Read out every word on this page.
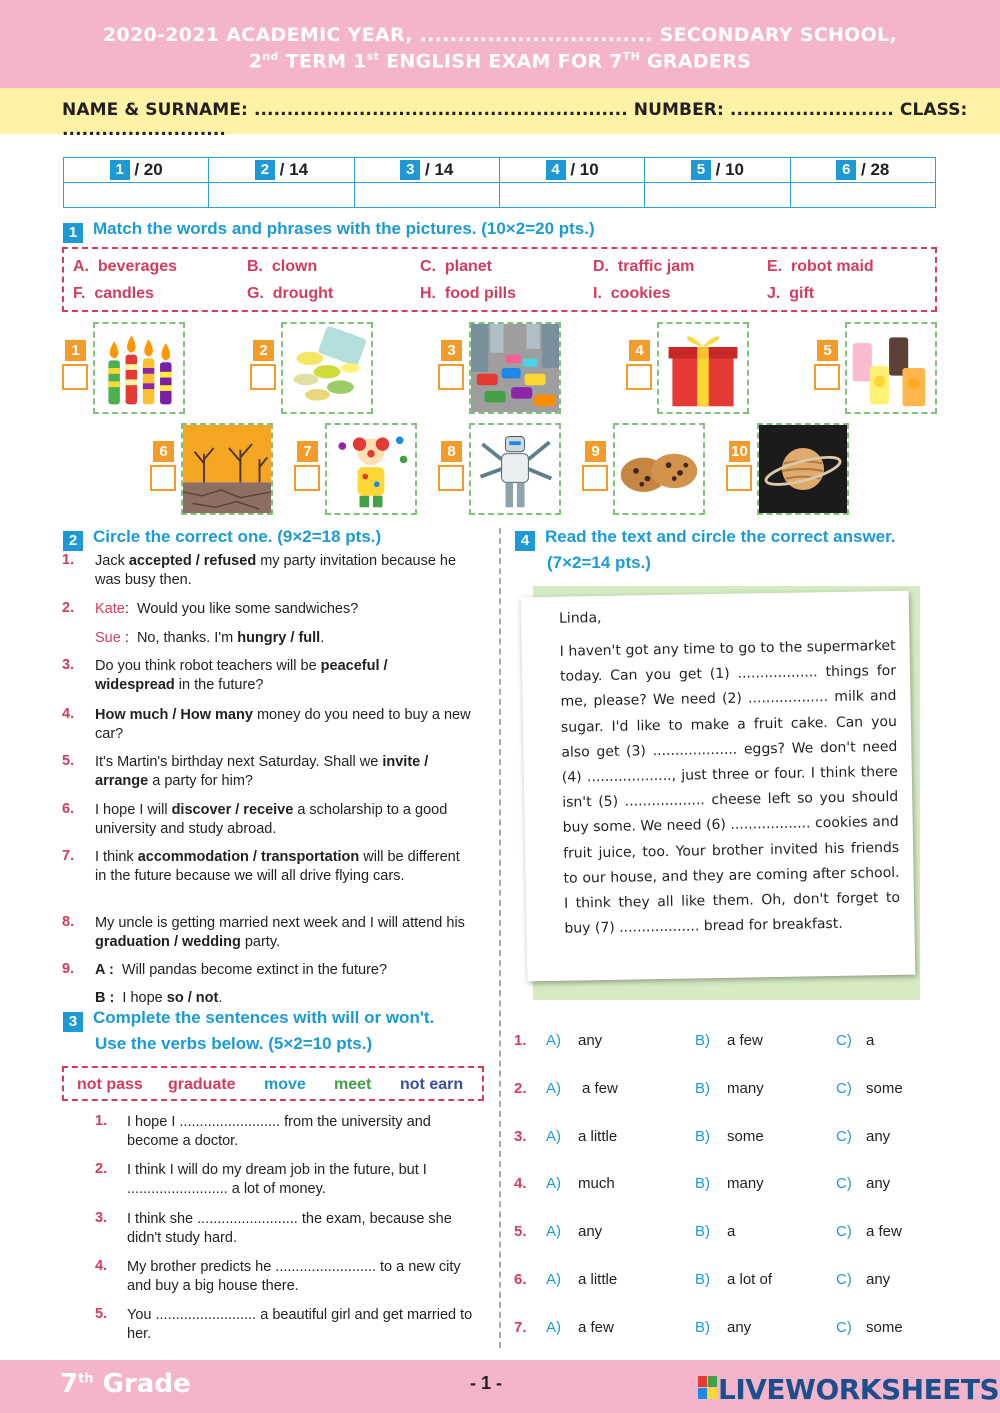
2020-2021 ACADEMIC YEAR, ............................... SECONDARY SCHOOL,
2nd TERM 1st ENGLISH EXAM FOR 7TH GRADERS
NAME & SURNAME: ......................................................... NUMBER: ......................... CLASS: .........................
1 / 20	2 / 14	3 / 14	4 / 10	5 / 10	6 / 28

1 Match the words and phrases with the pictures. (10×2=20 pts.)
A. beverages	B. clown	C. planet	D. traffic jam	E. robot maid
F. candles	G. drought	H. food pills	I. cookies	J. gift
1	2	3	4	5
6	7	8	9	10
2 Circle the correct one. (9×2=18 pts.)
1. Jack accepted / refused my party invitation because he was busy then.
2. Kate:  Would you like some sandwiches?
Sue :  No, thanks. I'm hungry / full.
3. Do you think robot teachers will be peaceful / widespread in the future?
4. How much / How many money do you need to buy a new car?
5. It's Martin's birthday next Saturday. Shall we invite / arrange a party for him?
6. I hope I will discover / receive a scholarship to a good university and study abroad.
7. I think accommodation / transportation will be different in the future because we will all drive flying cars.
8. My uncle is getting married next week and I will attend his graduation / wedding party.
9. A : Will pandas become extinct in the future?
B : I hope so / not.
3 Complete the sentences with will or won't.
Use the verbs below. (5×2=10 pts.)
not pass graduate move meet not earn
1. I hope I ......................... from the university and become a doctor.
2. I think I will do my dream job in the future, but I ......................... a lot of money.
3. I think she ......................... the exam, because she didn't study hard.
4. My brother predicts he ......................... to a new city and buy a big house there.
5. You ......................... a beautiful girl and get married to her.
4 Read the text and circle the correct answer.
(7×2=14 pts.)
Linda,
I haven't got any time to go to the supermarket today. Can you get (1) .................. things for me, please? We need (2) .................. milk and sugar. I'd like to make a fruit cake. Can you also get (3) ................... eggs? We don't need (4) ..................., just three or four. I think there isn't (5) .................. cheese left so you should buy some. We need (6) .................. cookies and fruit juice, too. Your brother invited his friends to our house, and they are coming after school. I think they all like them. Oh, don't forget to buy (7) .................. bread for breakfast.
1. A) any	B) a few	C) a
2. A) a few	B) many	C) some
3. A) a little	B) some	C) any
4. A) much	B) many	C) any
5. A) any	B) a	C) a few
6. A) a little	B) a lot of	C) any
7. A) a few	B) any	C) some
7th Grade	- 1 -	LIVEWORKSHEETS
